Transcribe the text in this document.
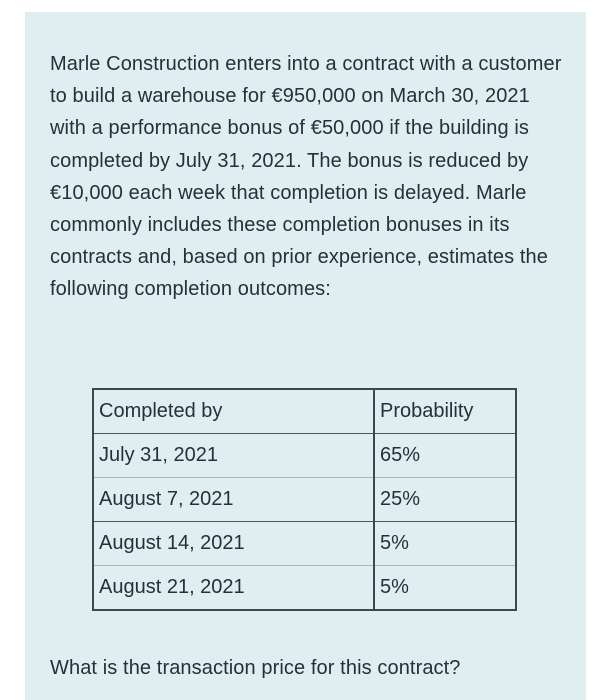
Marle Construction enters into a contract with a customer to build a warehouse for €950,000 on March 30, 2021 with a performance bonus of €50,000 if the building is completed by July 31, 2021. The bonus is reduced by €10,000 each week that completion is delayed. Marle commonly includes these completion bonuses in its contracts and, based on prior experience, estimates the following completion outcomes:
Completed by	Probability
July 31, 2021	65%
August 7, 2021	25%
August 14, 2021	5%
August 21, 2021	5%
What is the transaction price for this contract?
